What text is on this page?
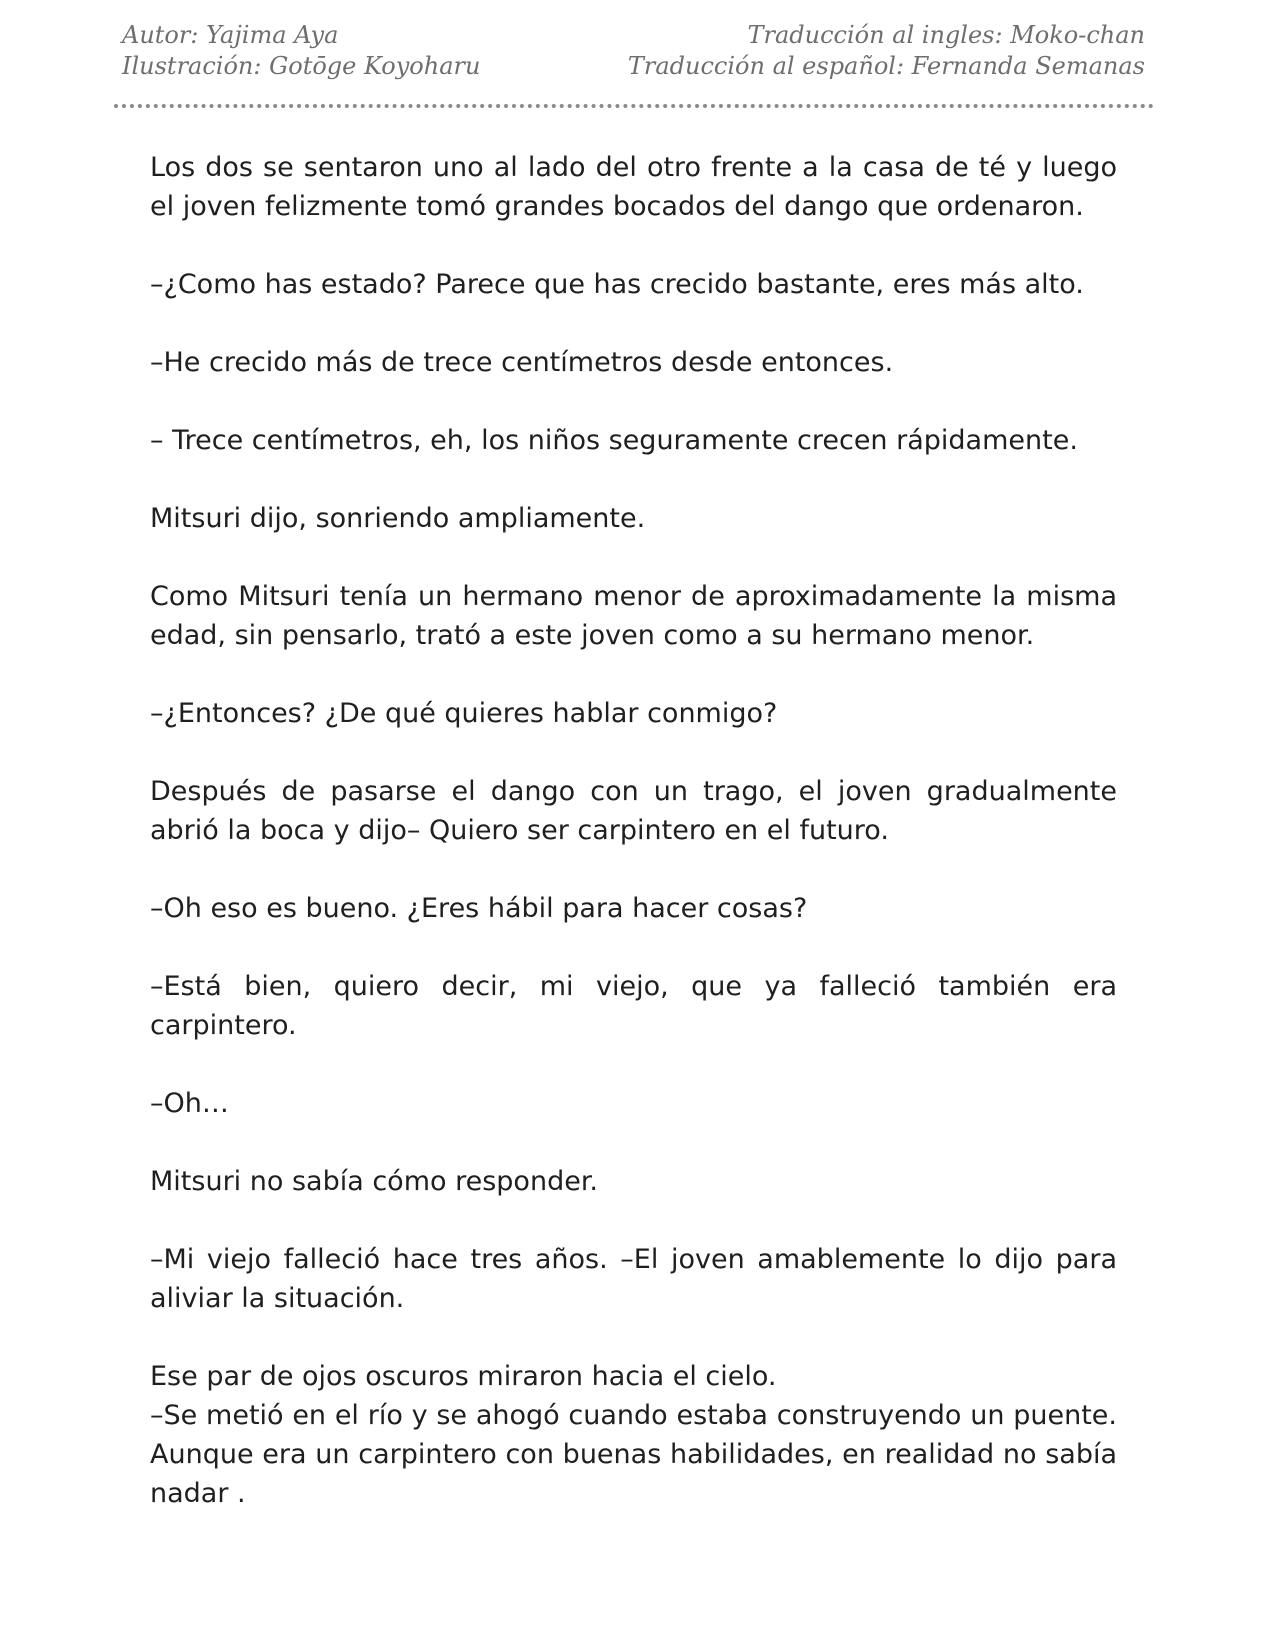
Autor: Yajima Aya
Ilustración: Gotōge Koyoharu
Traducción al ingles: Moko-chan
Traducción al español: Fernanda Semanas

Los dos se sentaron uno al lado del otro frente a la casa de té y luego el joven felizmente tomó grandes bocados del dango que ordenaron.

–¿Como has estado? Parece que has crecido bastante, eres más alto.

–He crecido más de trece centímetros desde entonces.

– Trece centímetros, eh, los niños seguramente crecen rápidamente.

Mitsuri dijo, sonriendo ampliamente.

Como Mitsuri tenía un hermano menor de aproximadamente la misma edad, sin pensarlo, trató a este joven como a su hermano menor.

–¿Entonces? ¿De qué quieres hablar conmigo?

Después de pasarse el dango con un trago, el joven gradualmente abrió la boca y dijo– Quiero ser carpintero en el futuro.

–Oh eso es bueno. ¿Eres hábil para hacer cosas?

–Está bien, quiero decir, mi viejo, que ya falleció también era carpintero.

–Oh…

Mitsuri no sabía cómo responder.

–Mi viejo falleció hace tres años. –El joven amablemente lo dijo para aliviar la situación.

Ese par de ojos oscuros miraron hacia el cielo.

–Se metió en el río y se ahogó cuando estaba construyendo un puente. Aunque era un carpintero con buenas habilidades, en realidad no sabía nadar .
